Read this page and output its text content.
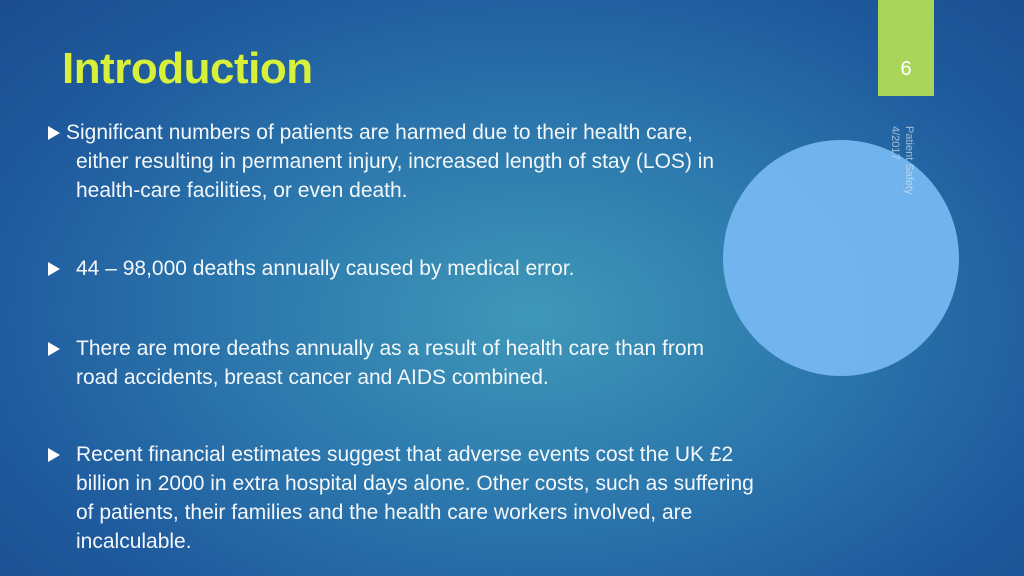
Introduction	6
Patient Safety
4/2017
Significant numbers of patients are harmed due to their health care,
either resulting in permanent injury, increased length of stay (LOS) in
health-care facilities, or even death.
44 – 98,000 deaths annually caused by medical error.
There are more deaths annually as a result of health care than from
road accidents, breast cancer and AIDS combined.
Recent financial estimates suggest that adverse events cost the UK £2
billion in 2000 in extra hospital days alone. Other costs, such as suffering
of patients, their families and the health care workers involved, are
incalculable.
